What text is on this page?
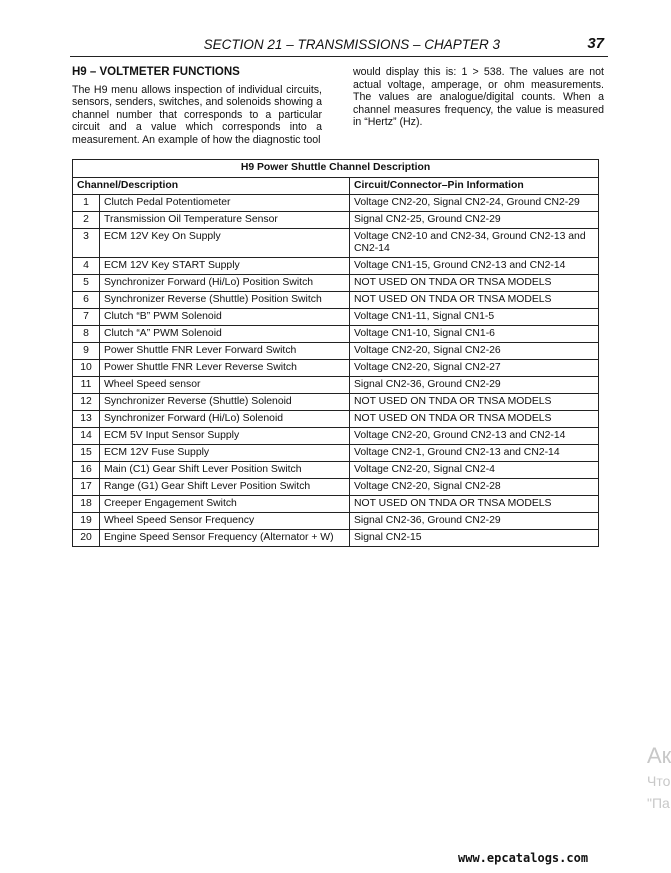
SECTION 21 – TRANSMISSIONS – CHAPTER 3	37
H9 – VOLTMETER FUNCTIONS

The H9 menu allows inspection of individual circuits, sensors, senders, switches, and solenoids showing a channel number that corresponds to a particular circuit and a value which corresponds into a measurement. An example of how the diagnostic tool

would display this is: 1 > 538. The values are not actual voltage, amperage, or ohm measurements. The values are analogue/digital counts. When a channel measures frequency, the value is measured in “Hertz” (Hz).

H9 Power Shuttle Channel Description		
Channel/Description		Circuit/Connector–Pin Information
1	Clutch Pedal Potentiometer	Voltage CN2-20, Signal CN2-24, Ground CN2-29
2	Transmission Oil Temperature Sensor	Signal CN2-25, Ground CN2-29
3	ECM 12V Key On Supply	Voltage CN2-10 and CN2-34, Ground CN2-13 and CN2-14
4	ECM 12V Key START Supply	Voltage CN1-15, Ground CN2-13 and CN2-14
5	Synchronizer Forward (Hi/Lo) Position Switch	NOT USED ON TNDA OR TNSA MODELS
6	Synchronizer Reverse (Shuttle) Position Switch	NOT USED ON TNDA OR TNSA MODELS
7	Clutch “B” PWM Solenoid	Voltage CN1-11, Signal CN1-5
8	Clutch “A” PWM Solenoid	Voltage CN1-10, Signal CN1-6
9	Power Shuttle FNR Lever Forward Switch	Voltage CN2-20, Signal CN2-26
10	Power Shuttle FNR Lever Reverse Switch	Voltage CN2-20, Signal CN2-27
11	Wheel Speed sensor	Signal CN2-36, Ground CN2-29
12	Synchronizer Reverse (Shuttle) Solenoid	NOT USED ON TNDA OR TNSA MODELS
13	Synchronizer Forward (Hi/Lo) Solenoid	NOT USED ON TNDA OR TNSA MODELS
14	ECM 5V Input Sensor Supply	Voltage CN2-20, Ground CN2-13 and CN2-14
15	ECM 12V Fuse Supply	Voltage CN2-1, Ground CN2-13 and CN2-14
16	Main (C1) Gear Shift Lever Position Switch	Voltage CN2-20, Signal CN2-4
17	Range (G1) Gear Shift Lever Position Switch	Voltage CN2-20, Signal CN2-28
18	Creeper Engagement Switch	NOT USED ON TNDA OR TNSA MODELS
19	Wheel Speed Sensor Frequency	Signal CN2-36, Ground CN2-29
20	Engine Speed Sensor Frequency (Alternator + W)	Signal CN2-15
Ак
Что
"Па
www.epcatalogs.com
